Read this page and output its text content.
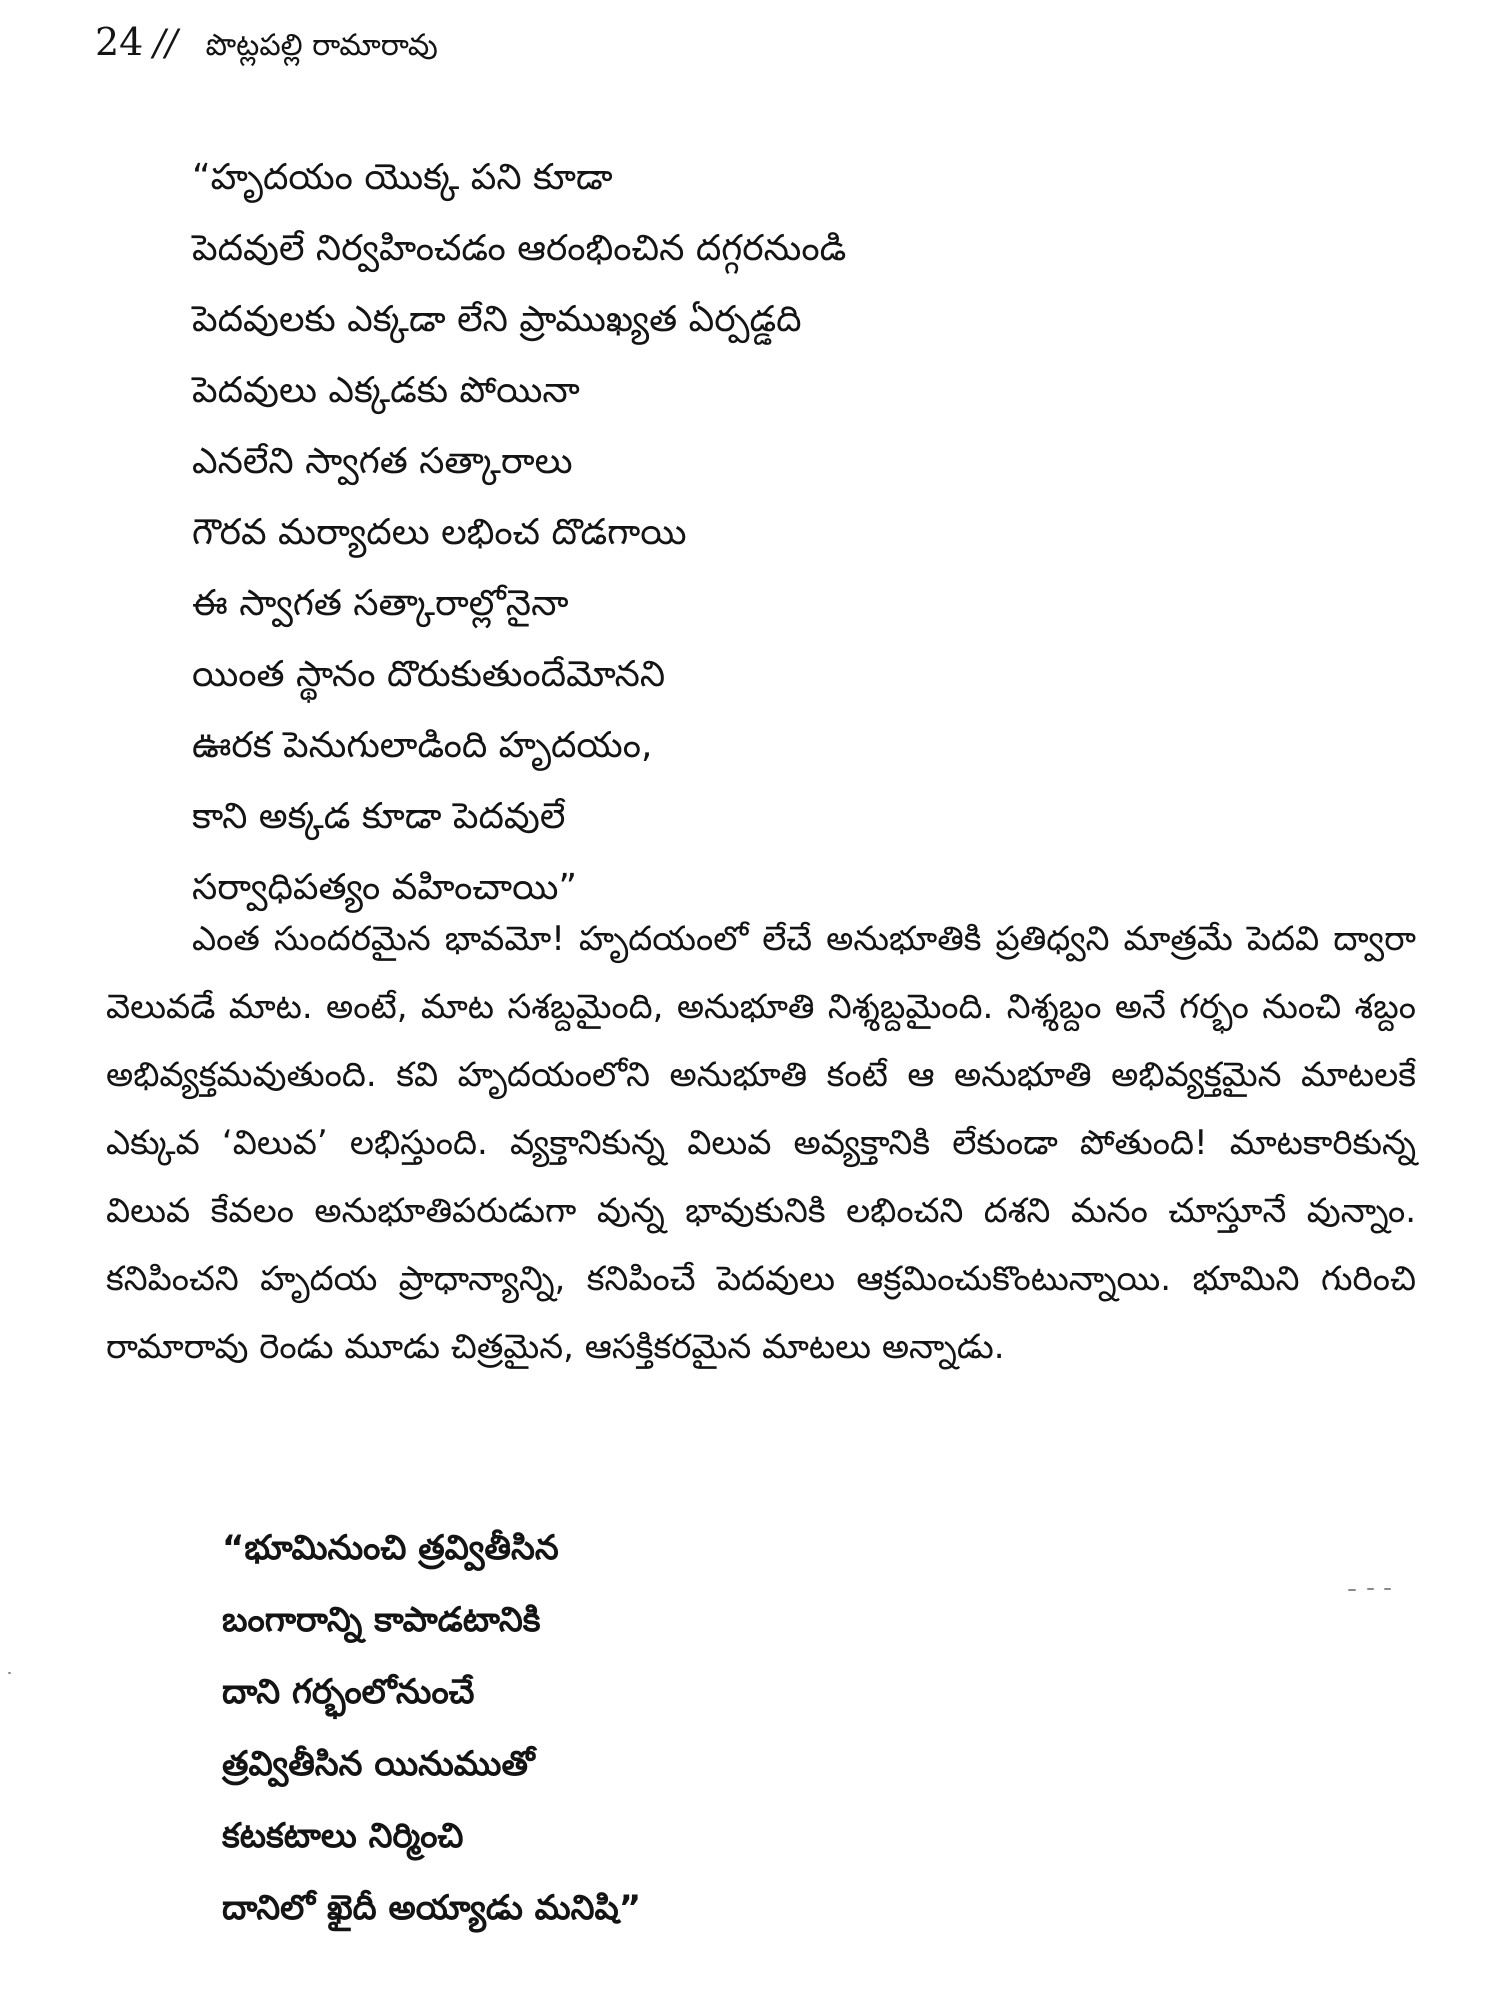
24 // పొట్లపల్లి రామారావు
“హృదయం యొక్క పని కూడా
పెదవులే నిర్వహించడం ఆరంభించిన దగ్గరనుండి
పెదవులకు ఎక్కడా లేని ప్రాముఖ్యత ఏర్పడ్డది
పెదవులు ఎక్కడకు పోయినా
ఎనలేని స్వాగత సత్కారాలు
గౌరవ మర్యాదలు లభించ దొడగాయి
ఈ స్వాగత సత్కారాల్లోనైనా
యింత స్థానం దొరుకుతుందేమోనని
ఊరక పెనుగులాడింది హృదయం,
కాని అక్కడ కూడా పెదవులే
సర్వాధిపత్యం వహించాయి”

ఎంత సుందరమైన భావమో! హృదయంలో లేచే అనుభూతికి ప్రతిధ్వని మాత్రమే పెదవి ద్వారా వెలువడే మాట. అంటే, మాట సశబ్దమైంది, అనుభూతి నిశ్శబ్దమైంది. నిశ్శబ్దం అనే గర్భం నుంచి శబ్దం అభివ్యక్తమవుతుంది. కవి హృదయంలోని అనుభూతి కంటే ఆ అనుభూతి అభివ్యక్తమైన మాటలకే ఎక్కువ ‘విలువ’ లభిస్తుంది. వ్యక్తానికున్న విలువ అవ్యక్తానికి లేకుండా పోతుంది! మాటకారికున్న విలువ కేవలం అనుభూతిపరుడుగా వున్న భావుకునికి లభించని దశని మనం చూస్తూనే వున్నాం. కనిపించని హృదయ ప్రాధాన్యాన్ని, కనిపించే పెదవులు ఆక్రమించుకొంటున్నాయి. భూమిని గురించి రామారావు రెండు మూడు చిత్రమైన, ఆసక్తికరమైన మాటలు అన్నాడు.

“భూమినుంచి త్రవ్వితీసిన
బంగారాన్ని కాపాడటానికి
దాని గర్భంలోనుంచే
త్రవ్వితీసిన యినుముతో
కటకటాలు నిర్మించి
దానిలో ఖైదీ అయ్యాడు మనిషి”
